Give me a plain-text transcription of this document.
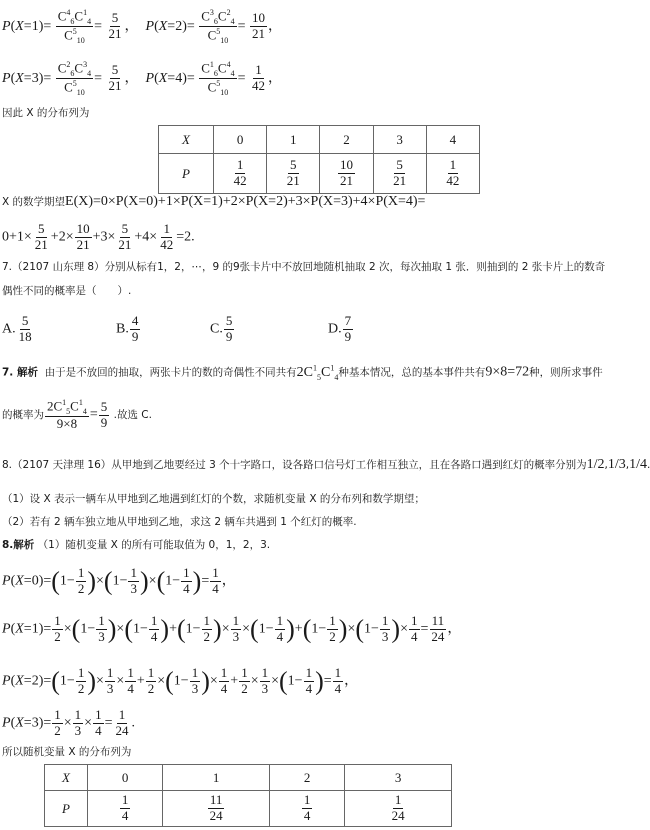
$P(X=1)= \frac{C^4_6C^1_4}{C^5_{10}} = \frac{5}{21}$ ，  $P(X=2)= \frac{C^3_6C^2_4}{C^5_{10}} = \frac{10}{21}$ ，
$P(X=3)= \frac{C^2_6C^3_4}{C^5_{10}} = \frac{5}{21}$ ，  $P(X=4)= \frac{C^1_6C^4_4}{C^5_{10}} = \frac{1}{42}$ ，
因此 X 的分布列为
X	0	1	2	3	4
P	$\frac{1}{42}$	$\frac{5}{21}$	$\frac{10}{21}$	$\frac{5}{21}$	$\frac{1}{42}$
X 的数学期望E(X)=0×P(X=0)+1×P(X=1)+2×P(X=2)+3×P(X=3)+4×P(X=4)=
$0+1\times \frac{5}{21} +2\times \frac{10}{21} +3\times \frac{5}{21} +4\times \frac{1}{42} =2$.
7.（2107 山东理 8）分别从标有1，2，⋯，9 的9张卡片中不放回地随机抽取 2 次，每次抽取 1 张．则抽到的 2 张卡片上的数奇
偶性不同的概率是（　　）.
A. $\frac{5}{18}$	B. $\frac{4}{9}$	C. $\frac{5}{9}$	D. $\frac{7}{9}$
7. 解析 由于是不放回的抽取，两张卡片的数的奇偶性不同共有$2C^1_5C^1_4$种基本情况，总的基本事件共有9×8=72种，则所求事件
的概率为 $\frac{2C^1_5C^1_4}{9\times 8} = \frac{5}{9}$ .故选 C.
8.（2107 天津理 16）从甲地到乙地要经过 3 个十字路口，设各路口信号灯工作相互独立，且在各路口遇到红灯的概率分别为1/2,1/3,1/4
（1）设 X 表示一辆车从甲地到乙地遇到红灯的个数，求随机变量 X 的分布列和数学期望；
（2）若有 2 辆车独立地从甲地到乙地，求这 2 辆车共遇到 1 个红灯的概率.
8.解析 （1）随机变量 X 的所有可能取值为 0，1，2，3.
$P(X=0)=(1- \frac{1}{2} )\times(1- \frac{1}{3} )\times(1- \frac{1}{4}$ )= $\frac{1}{4}$ ，
$P(X=1)= \frac{1}{2} \times(1- \frac{1}{3} )\times(1- \frac{1}{4} )+(1- \frac{1}{2}$ )× $\frac{1}{3} \times(1- \frac{1}{4} )+(1- \frac{1}{2} )\times(1- \frac{1}{3}$ )× $\frac{1}{4} = \frac{11}{24}$ ，
$P(X=2)=(1- \frac{1}{2}$ )× $\frac{1}{3} \times \frac{1}{4} + \frac{1}{2} \times(1- \frac{1}{3}$ )× $\frac{1}{4} + \frac{1}{2} \times \frac{1}{3} \times(1- \frac{1}{4}$ )= $\frac{1}{4}$ ，
$P(X=3)= \frac{1}{2} \times \frac{1}{3} \times \frac{1}{4} = \frac{1}{24}$ .
所以随机变量 X 的分布列为
X	0	1	2	3
P	$\frac{1}{4}$	$\frac{11}{24}$	$\frac{1}{4}$	$\frac{1}{24}$
